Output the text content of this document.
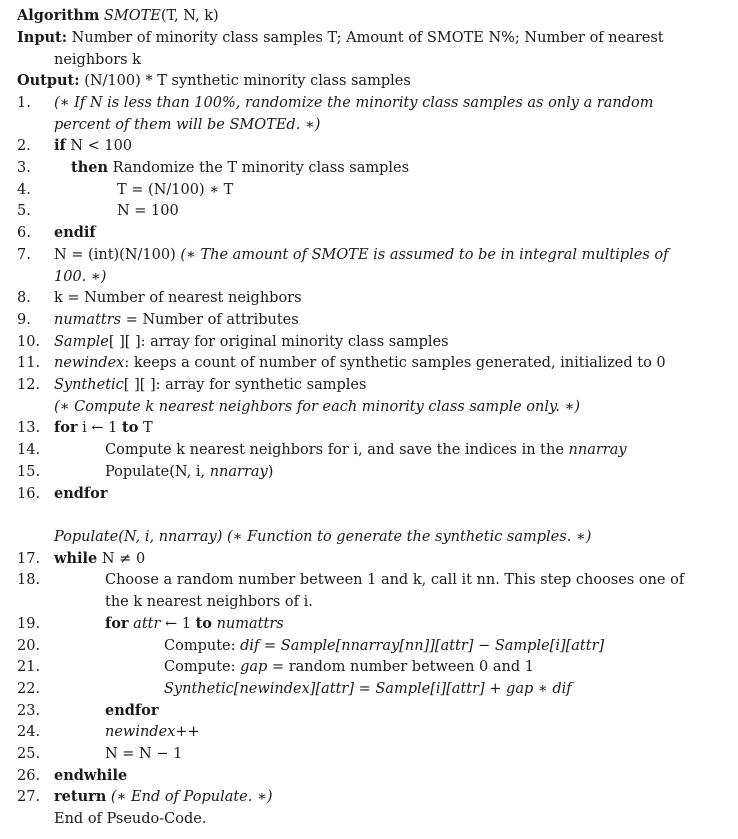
Algorithm SMOTE(T, N, k)
Input: Number of minority class samples T; Amount of SMOTE N%; Number of nearest
neighbors k
Output: (N/100) * T synthetic minority class samples
1.	(∗ If N is less than 100%, randomize the minority class samples as only a random
percent of them will be SMOTEd. ∗)
2.	if N < 100
3.	then Randomize the T minority class samples
4.	T = (N/100) ∗ T
5.	N = 100
6.	endif
7.	N = (int)(N/100) (∗ The amount of SMOTE is assumed to be in integral multiples of
100. ∗)
8.	k = Number of nearest neighbors
9.	numattrs = Number of attributes
10. Sample[ ][ ]: array for original minority class samples
11. newindex: keeps a count of number of synthetic samples generated, initialized to 0
12. Synthetic[ ][ ]: array for synthetic samples
(∗ Compute k nearest neighbors for each minority class sample only. ∗)
13. for i ← 1 to T
14.	Compute k nearest neighbors for i, and save the indices in the nnarray
15.	Populate(N, i, nnarray)
16. endfor
Populate(N, i, nnarray) (∗ Function to generate the synthetic samples. ∗)
17. while N ≠ 0
18.	Choose a random number between 1 and k, call it nn. This step chooses one of
the k nearest neighbors of i.
19.	for attr ← 1 to numattrs
20.	Compute: dif = Sample[nnarray[nn]][attr] − Sample[i][attr]
21.	Compute: gap = random number between 0 and 1
22.	Synthetic[newindex][attr] = Sample[i][attr] + gap ∗ dif
23.	endfor
24.	newindex++
25.	N = N − 1
26. endwhile
27. return (∗ End of Populate. ∗)
End of Pseudo-Code.
